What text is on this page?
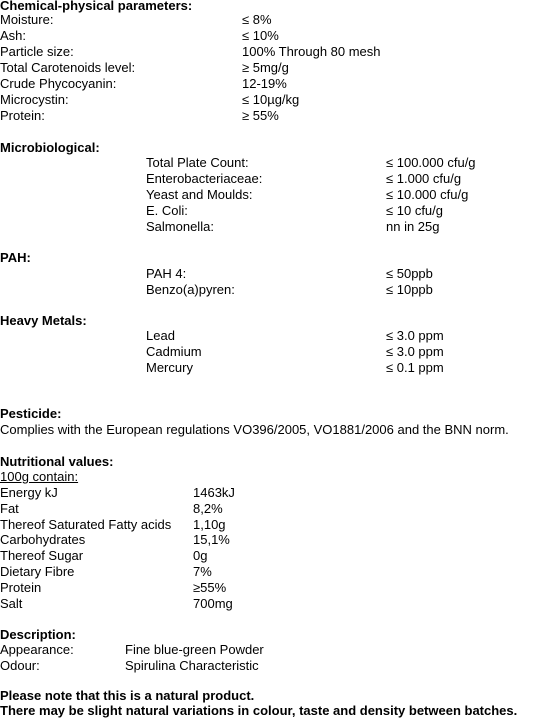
Chemical-physical parameters:
Moisture:	≤ 8%
Ash:	≤ 10%
Particle size:	100% Through 80 mesh
Total Carotenoids level:	≥ 5mg/g
Crude Phycocyanin:	12-19%
Microcystin:	≤ 10µg/kg
Protein:	≥ 55%
Microbiological:
Total Plate Count:	≤ 100.000 cfu/g
Enterobacteriaceae:	≤ 1.000 cfu/g
Yeast and Moulds:	≤ 10.000 cfu/g
E. Coli:	≤ 10 cfu/g
Salmonella:	nn in 25g
PAH:
PAH 4:	≤ 50ppb
Benzo(a)pyren:	≤ 10ppb
Heavy Metals:
Lead	≤ 3.0 ppm
Cadmium	≤ 3.0 ppm
Mercury	≤ 0.1 ppm
Pesticide:
Complies with the European regulations VO396/2005, VO1881/2006 and the BNN norm.
Nutritional values:
100g contain:
Energy kJ	1463kJ
Fat	8,2%
Thereof Saturated Fatty acids 1,10g
Carbohydrates	15,1%
Thereof Sugar	0g
Dietary Fibre	7%
Protein	≥55%
Salt	700mg
Description:
Appearance:	Fine blue-green Powder
Odour:	Spirulina Characteristic
Please note that this is a natural product.
There may be slight natural variations in colour, taste and density between batches.
